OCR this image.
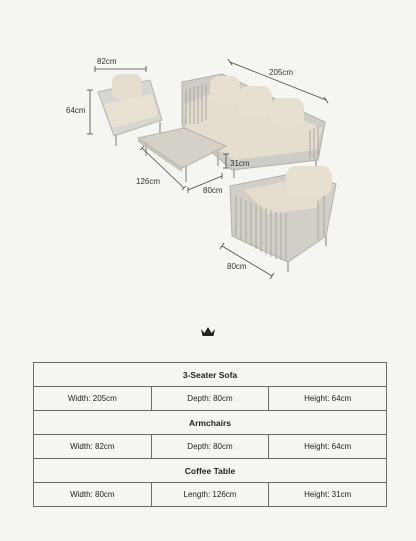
82cm
64cm
205cm
126cm
80cm
31cm
80cm
3-Seater Sofa		
Width: 205cm	Depth: 80cm	Height: 64cm
Armchairs		
Width: 82cm	Depth: 80cm	Height: 64cm
Coffee Table		
Width: 80cm	Length: 126cm	Height: 31cm
